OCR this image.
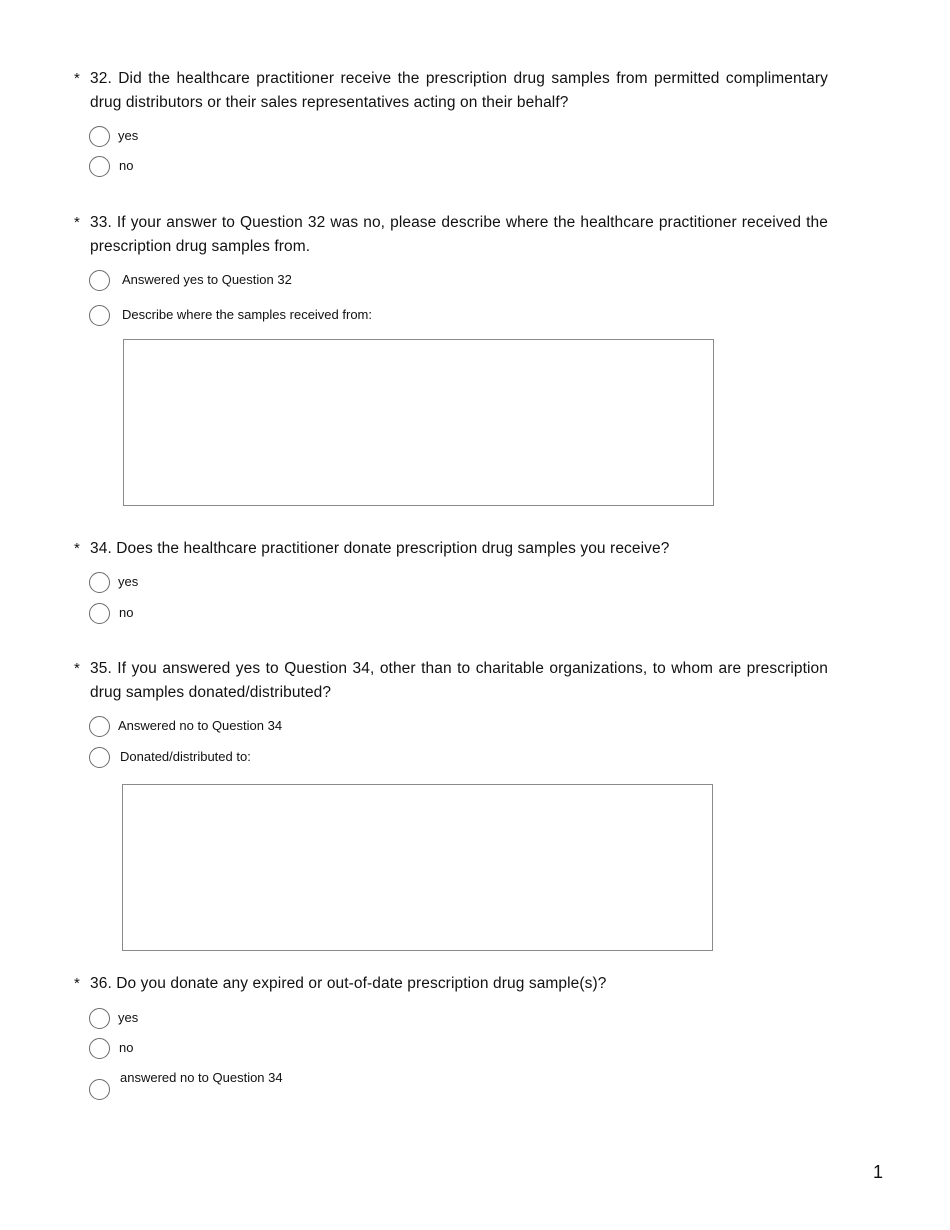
* 32. Did the healthcare practitioner receive the prescription drug samples from permitted complimentary drug distributors or their sales representatives acting on their behalf?
yes
no
* 33. If your answer to Question 32 was no, please describe where the healthcare practitioner received the prescription drug samples from.
Answered yes to Question 32
Describe where the samples received from:
* 34. Does the healthcare practitioner donate prescription drug samples you receive?
yes
no
* 35. If you answered yes to Question 34, other than to charitable organizations, to whom are prescription drug samples donated/distributed?
Answered no to Question 34
Donated/distributed to:
* 36. Do you donate any expired or out-of-date prescription drug sample(s)?
yes
no
answered no to Question 34
1
